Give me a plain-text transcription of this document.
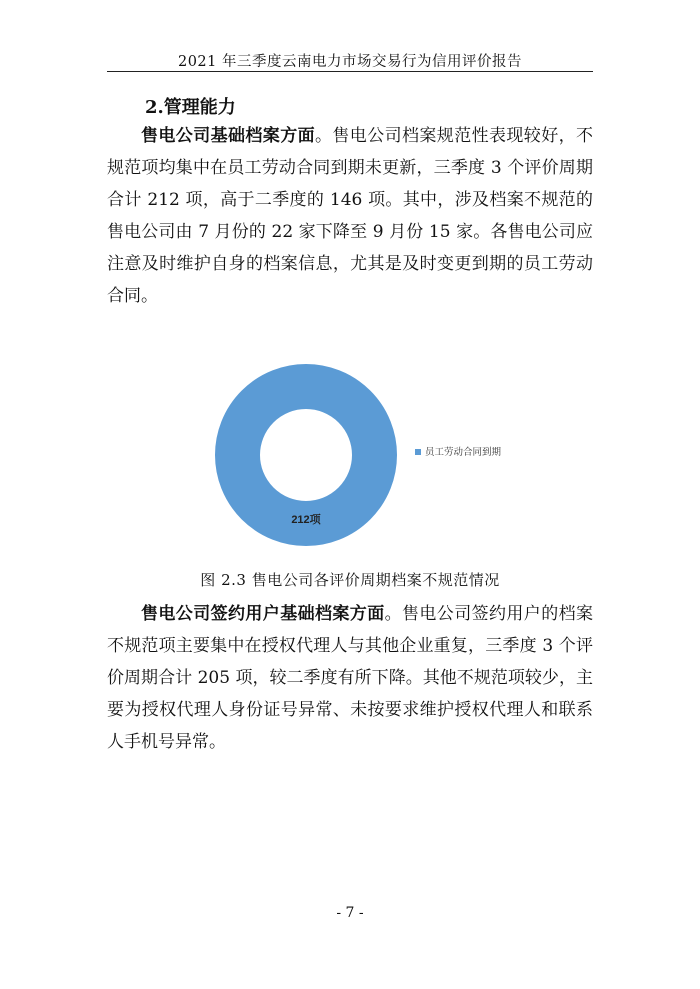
2021 年三季度云南电力市场交易行为信用评价报告
2.管理能力

售电公司基础档案方面。售电公司档案规范性表现较好，不规范项均集中在员工劳动合同到期未更新，三季度 3 个评价周期合计 212 项，高于二季度的 146 项。其中，涉及档案不规范的售电公司由 7 月份的 22 家下降至 9 月份 15 家。各售电公司应注意及时维护自身的档案信息，尤其是及时变更到期的员工劳动合同。

212项
员工劳动合同到期
图 2.3 售电公司各评价周期档案不规范情况

售电公司签约用户基础档案方面。售电公司签约用户的档案不规范项主要集中在授权代理人与其他企业重复，三季度 3 个评价周期合计 205 项，较二季度有所下降。其他不规范项较少，主要为授权代理人身份证号异常、未按要求维护授权代理人和联系人手机号异常。

- 7 -
